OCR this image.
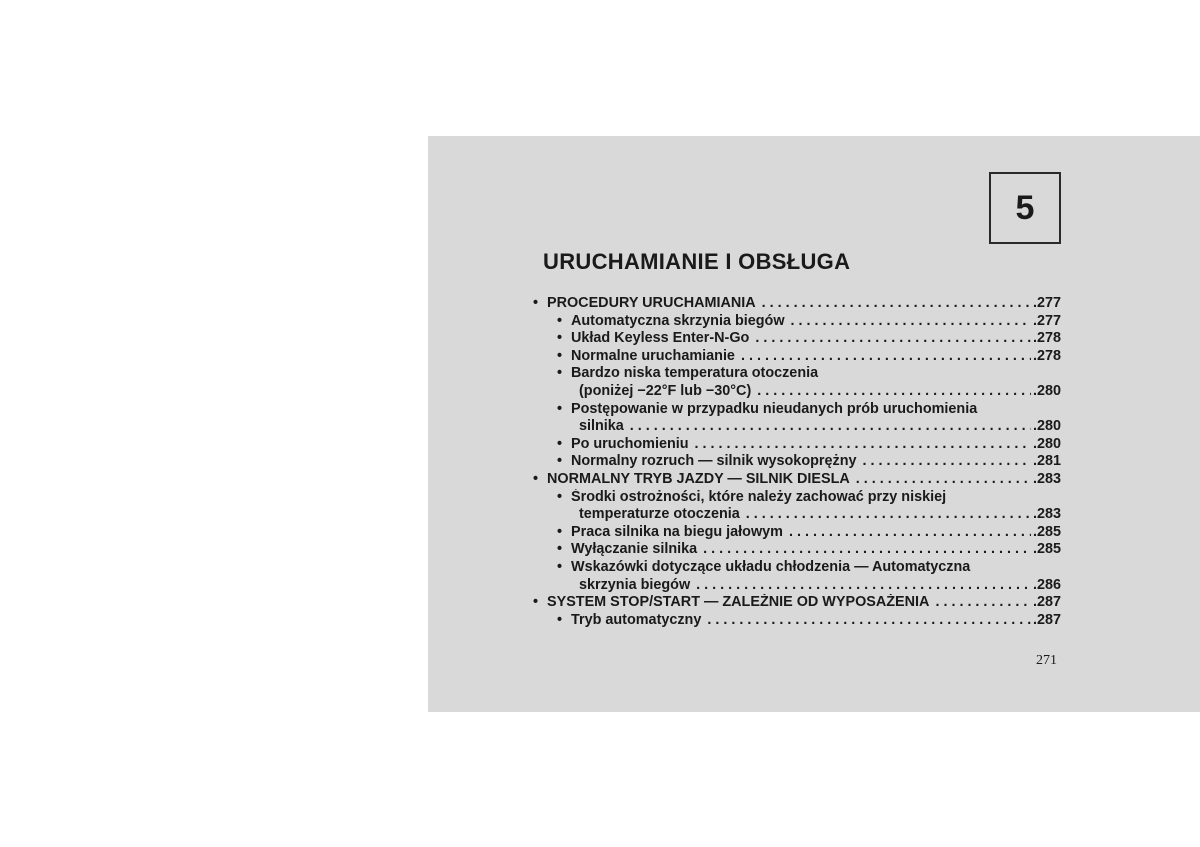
5
URUCHAMIANIE I OBSŁUGA
• PROCEDURY URUCHAMIANIA . . .	.277
• Automatyczna skrzynia biegów . . .	.277
• Układ Keyless Enter-N-Go . . .	.278
• Normalne uruchamianie . . .	.278
• Bardzo niska temperatura otoczenia
(poniżej −22°F lub −30°C) . . .	.280
• Postępowanie w przypadku nieudanych prób uruchomienia
silnika . . .	.280
• Po uruchomieniu . . .	.280
• Normalny rozruch — silnik wysokoprężny . . .	.281
• NORMALNY TRYB JAZDY — SILNIK DIESLA . . .	.283
• Środki ostrożności, które należy zachować przy niskiej
temperaturze otoczenia . . .	.283
• Praca silnika na biegu jałowym . . .	.285
• Wyłączanie silnika . . .	.285
• Wskazówki dotyczące układu chłodzenia — Automatyczna
skrzynia biegów . . .	.286
• SYSTEM STOP/START — ZALEŻNIE OD WYPOSAŻENIA . . .	.287
• Tryb automatyczny . . .	.287
271
